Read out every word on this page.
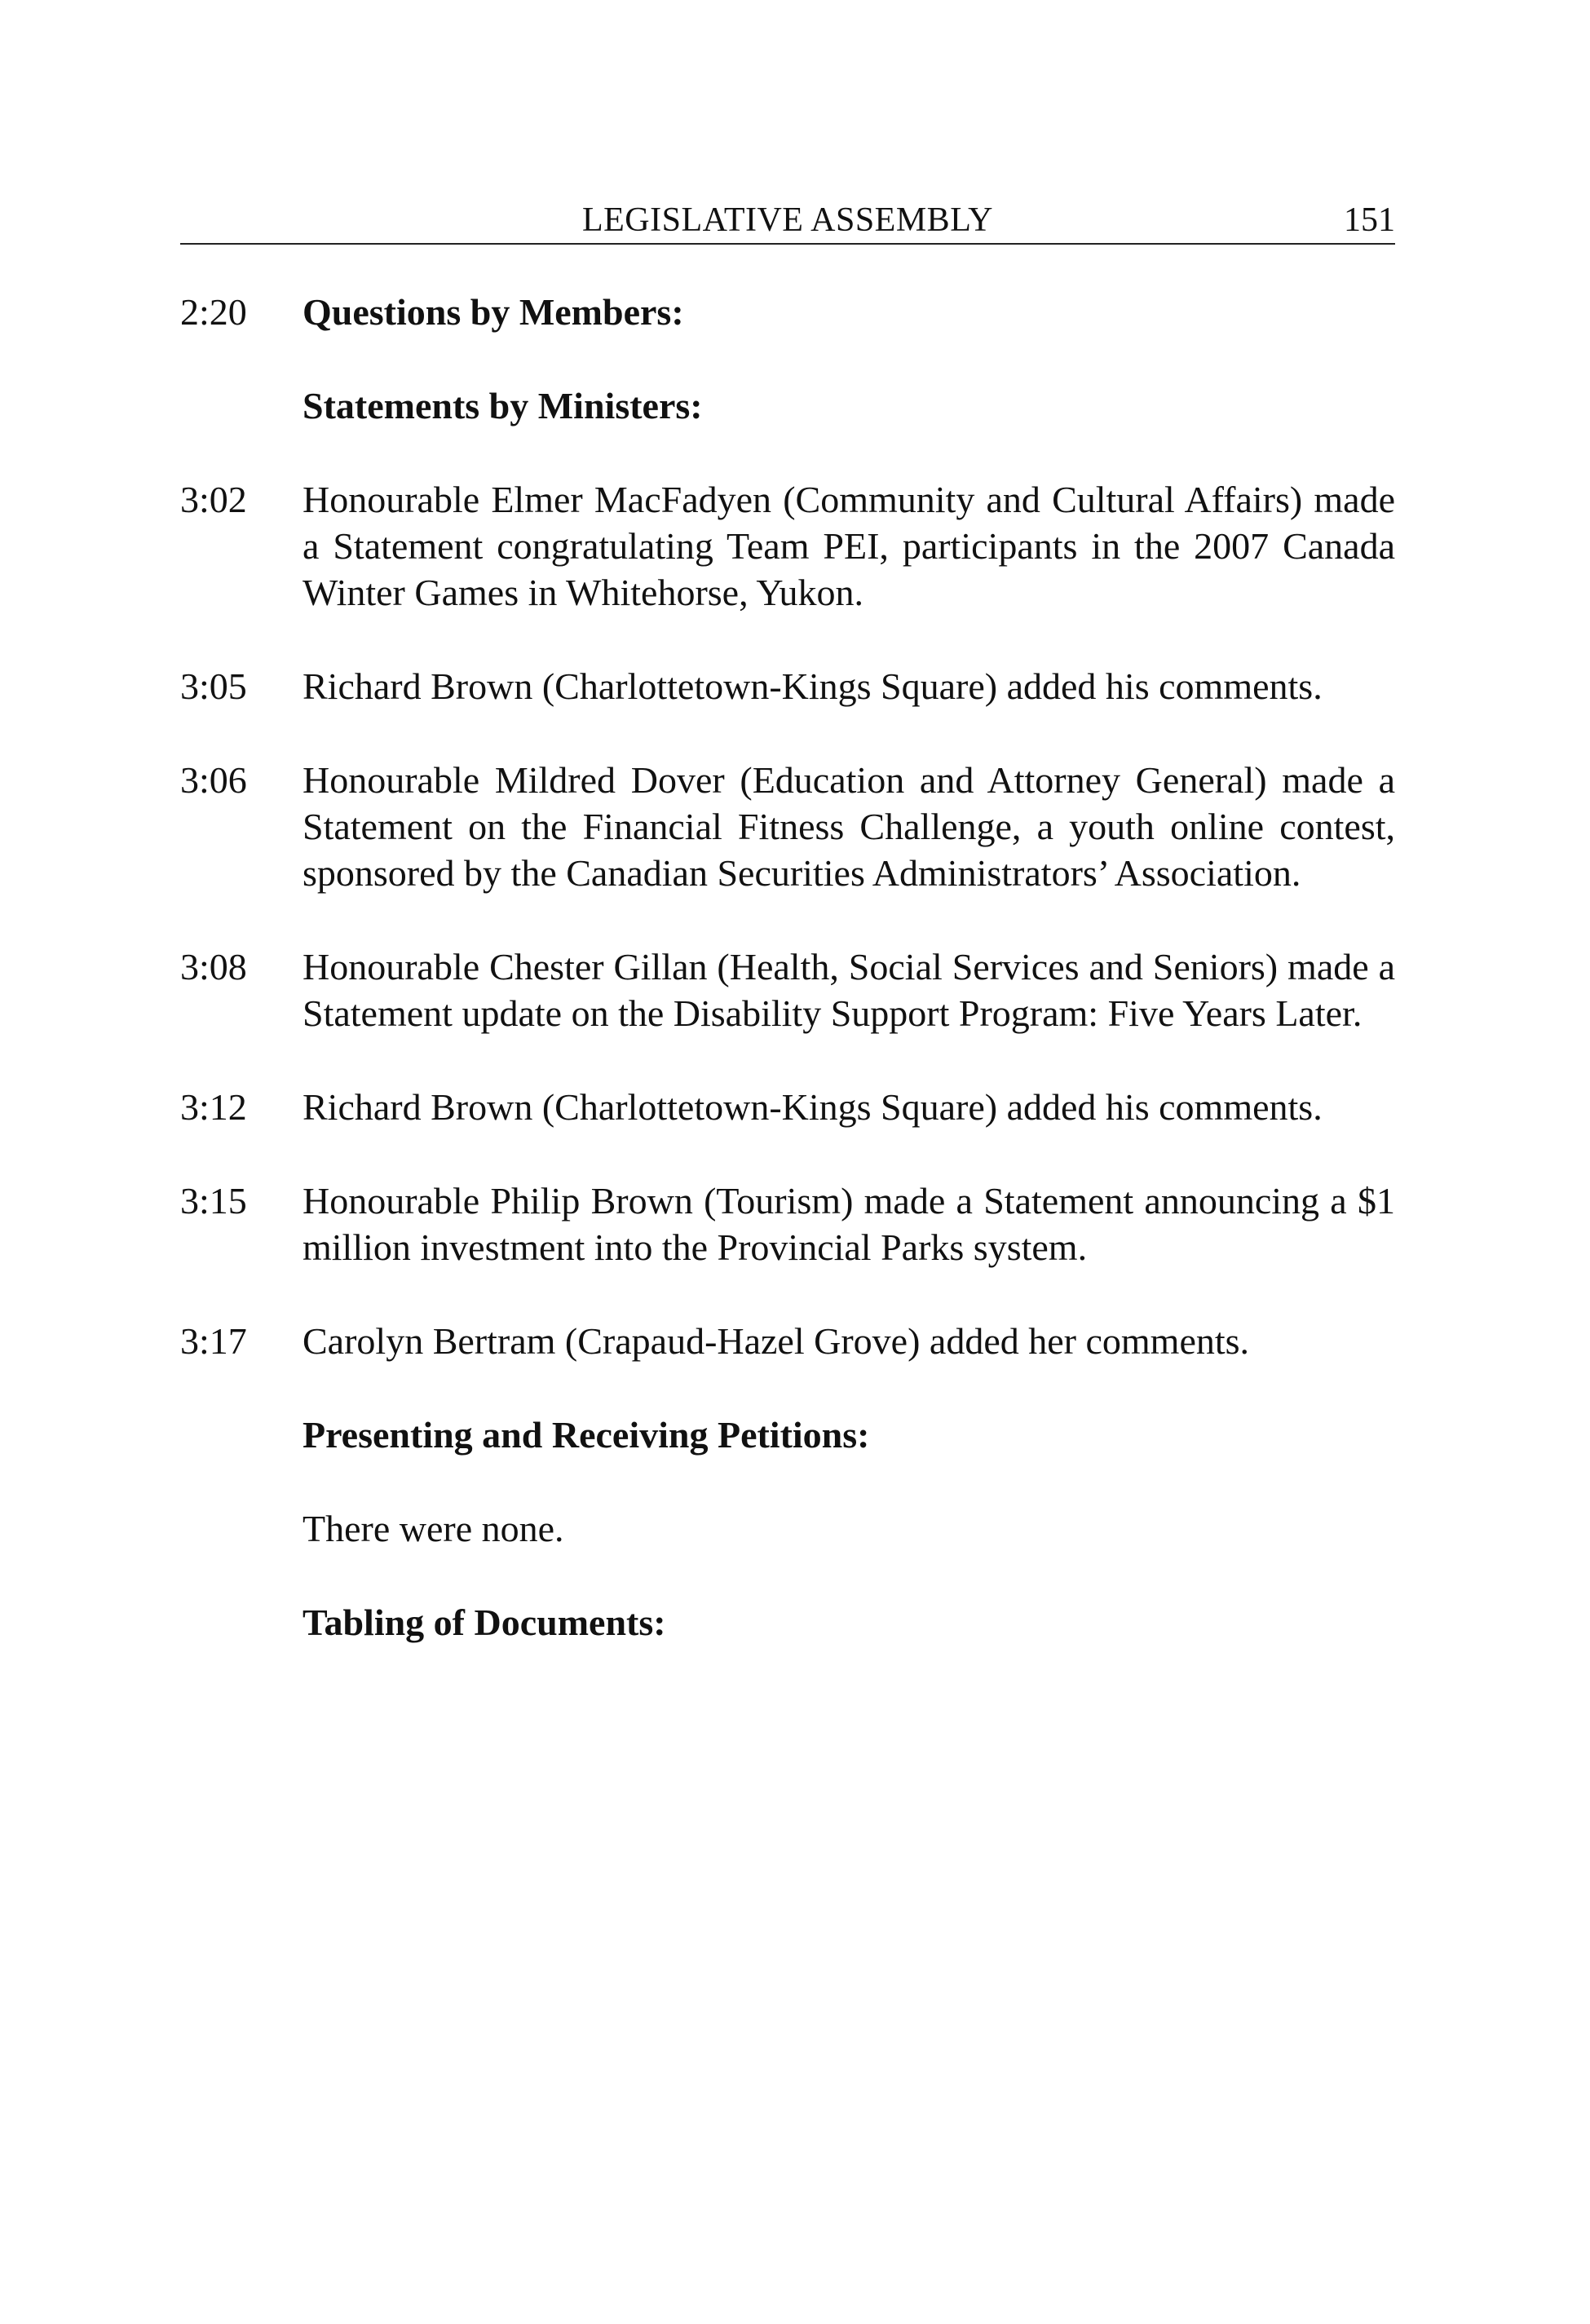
LEGISLATIVE ASSEMBLY	151
2:20	Questions by Members:
Statements by Ministers:
3:02	Honourable Elmer MacFadyen (Community and Cultural Affairs) made a Statement congratulating Team PEI, participants in the 2007 Canada Winter Games in Whitehorse, Yukon.
3:05	Richard Brown (Charlottetown-Kings Square) added his comments.
3:06	Honourable Mildred Dover (Education and Attorney General) made a Statement on the Financial Fitness Challenge, a youth online contest, sponsored by the Canadian Securities Administrators’ Association.
3:08	Honourable Chester Gillan (Health, Social Services and Seniors) made a Statement update on the Disability Support Program: Five Years Later.
3:12	Richard Brown (Charlottetown-Kings Square) added his comments.
3:15	Honourable Philip Brown (Tourism) made a Statement announcing a $1 million investment into the Provincial Parks system.
3:17	Carolyn Bertram (Crapaud-Hazel Grove) added her comments.
Presenting and Receiving Petitions:
There were none.
Tabling of Documents:
